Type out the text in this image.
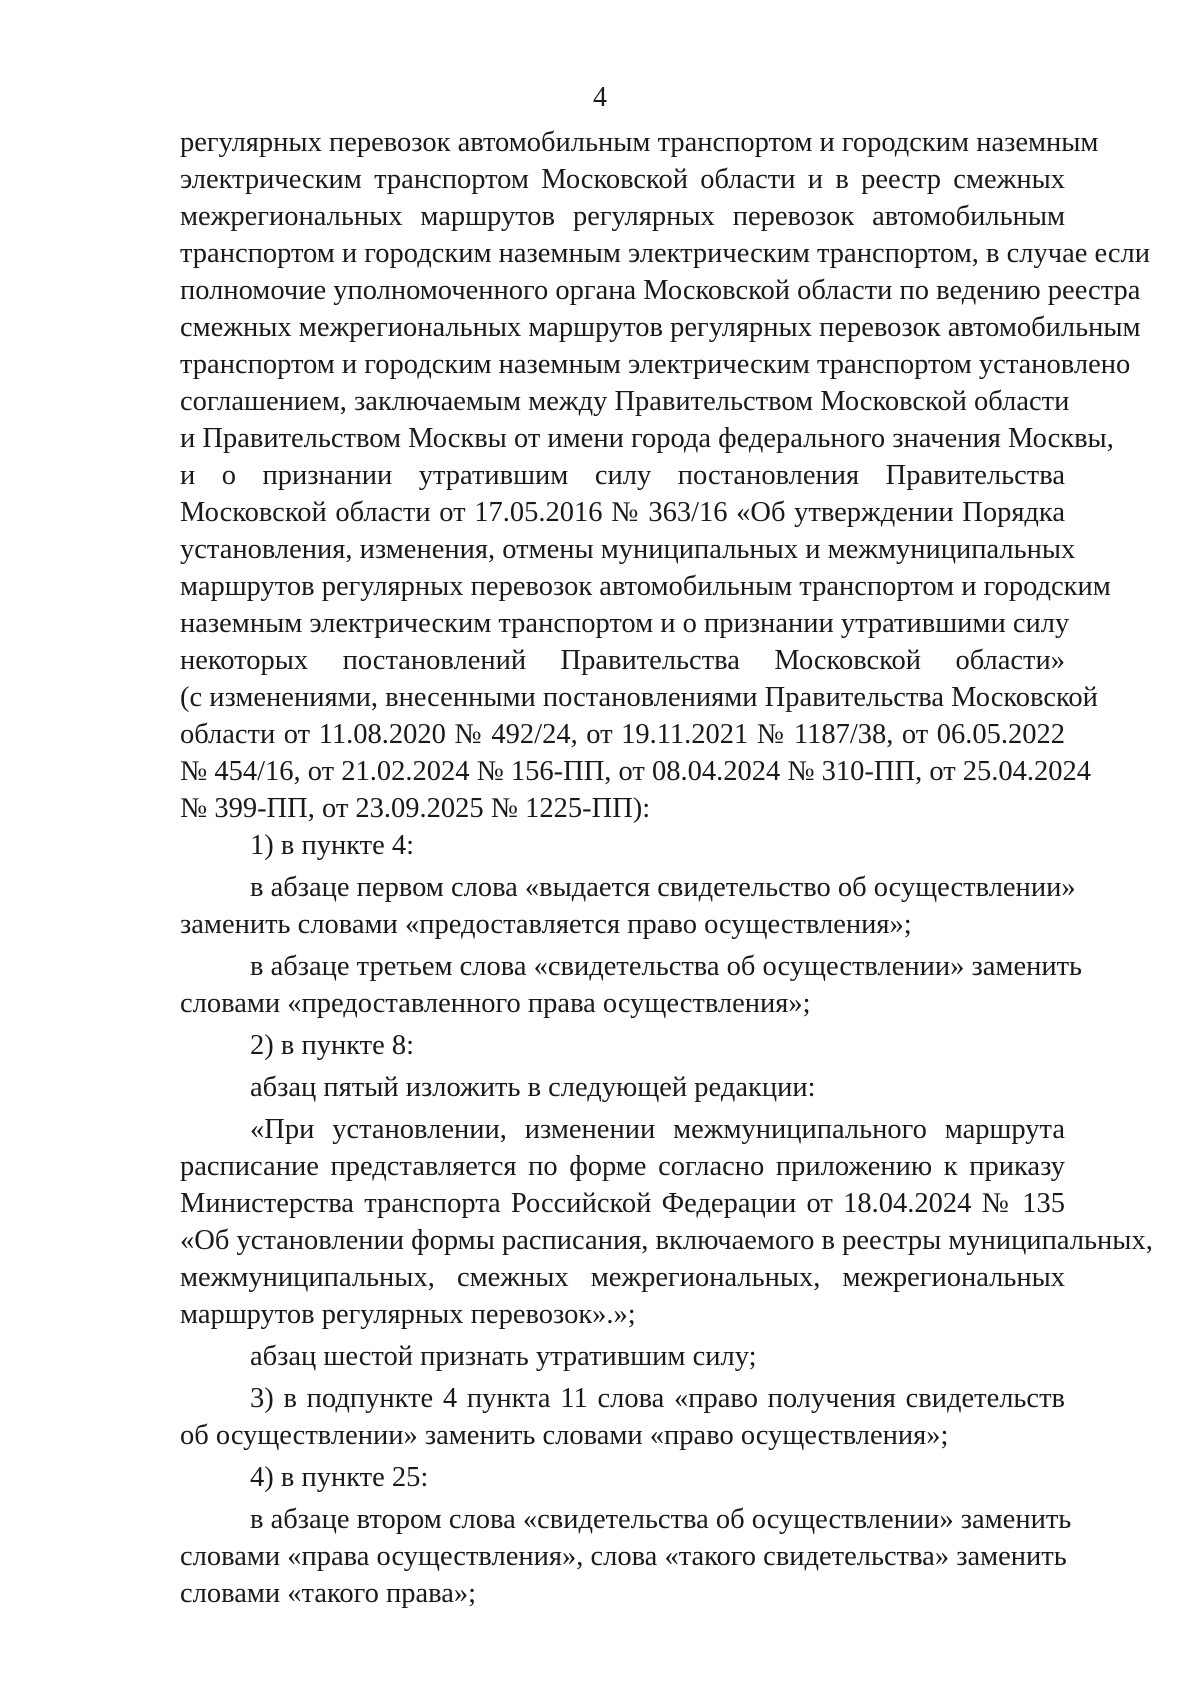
4
регулярных перевозок автомобильным транспортом и городским наземным
электрическим транспортом Московской области и в реестр смежных
межрегиональных маршрутов регулярных перевозок автомобильным
транспортом и городским наземным электрическим транспортом, в случае если
полномочие уполномоченного органа Московской области по ведению реестра
смежных межрегиональных маршрутов регулярных перевозок автомобильным
транспортом и городским наземным электрическим транспортом установлено
соглашением, заключаемым между Правительством Московской области
и Правительством Москвы от имени города федерального значения Москвы,
и о признании утратившим силу постановления Правительства
Московской области от 17.05.2016 № 363/16 «Об утверждении Порядка
установления, изменения, отмены муниципальных и межмуниципальных
маршрутов регулярных перевозок автомобильным транспортом и городским
наземным электрическим транспортом и о признании утратившими силу
некоторых постановлений Правительства Московской области»
(с изменениями, внесенными постановлениями Правительства Московской
области от 11.08.2020 № 492/24, от 19.11.2021 № 1187/38, от 06.05.2022
№ 454/16, от 21.02.2024 № 156-ПП, от 08.04.2024 № 310-ПП, от 25.04.2024
№ 399-ПП, от 23.09.2025 № 1225-ПП):
1) в пункте 4:
в абзаце первом слова «выдается свидетельство об осуществлении»
заменить словами «предоставляется право осуществления»;
в абзаце третьем слова «свидетельства об осуществлении» заменить
словами «предоставленного права осуществления»;
2) в пункте 8:
абзац пятый изложить в следующей редакции:
«При установлении, изменении межмуниципального маршрута
расписание представляется по форме согласно приложению к приказу
Министерства транспорта Российской Федерации от 18.04.2024 № 135
«Об установлении формы расписания, включаемого в реестры муниципальных,
межмуниципальных, смежных межрегиональных, межрегиональных
маршрутов регулярных перевозок».»;
абзац шестой признать утратившим силу;
3) в подпункте 4 пункта 11 слова «право получения свидетельств
об осуществлении» заменить словами «право осуществления»;
4) в пункте 25:
в абзаце втором слова «свидетельства об осуществлении» заменить
словами «права осуществления», слова «такого свидетельства» заменить
словами «такого права»;
